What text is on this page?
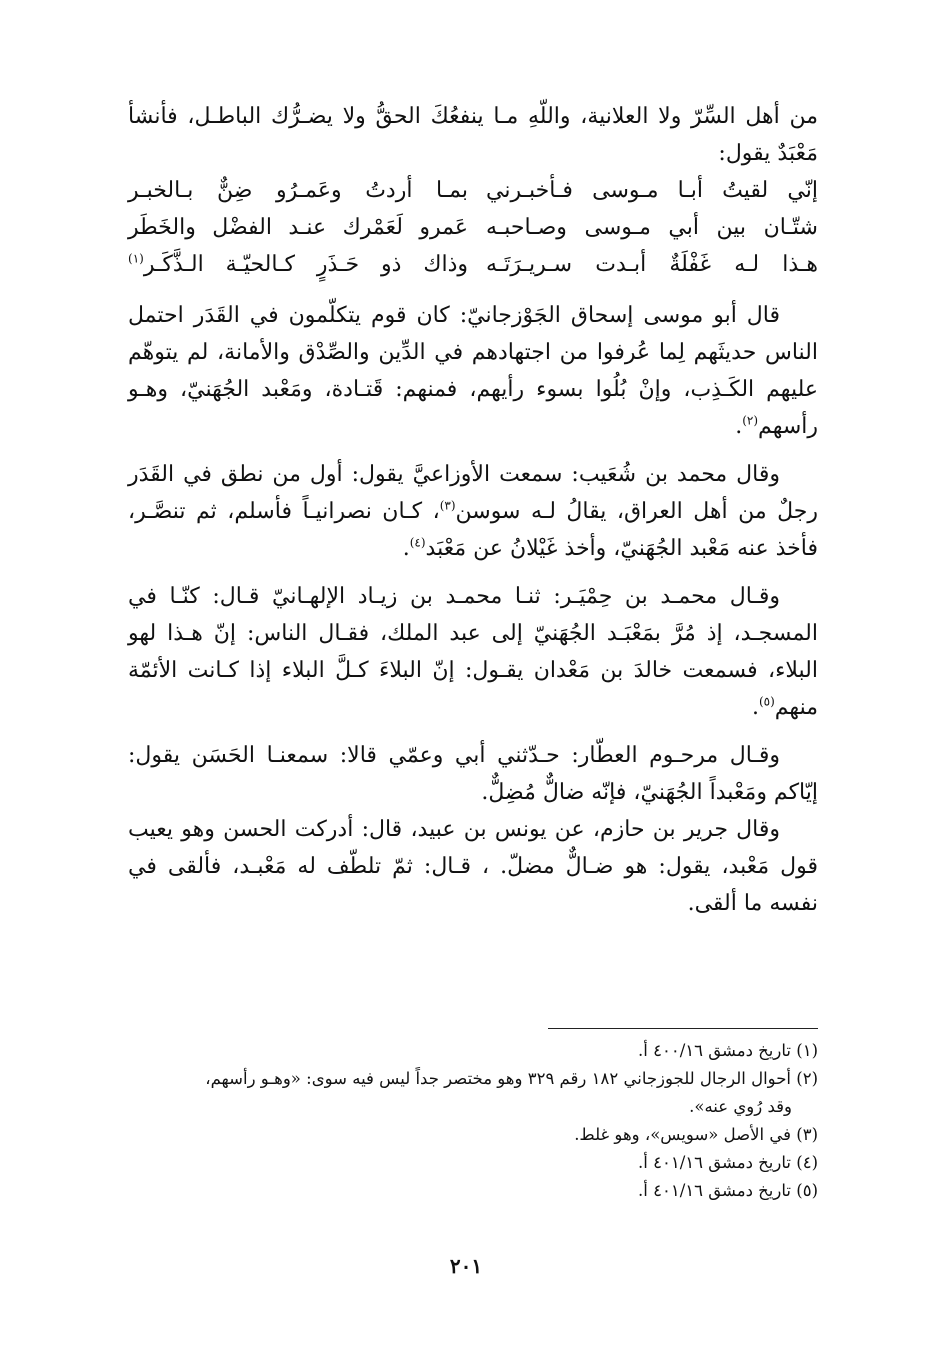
من أهل السِّرّ ولا العلانية، واللّهِ مـا ينفعُكَ الحقُّ ولا يضـرُّك الباطـل، فأنشأ مَعْبَدٌ يقول:

إنّي لقيتُ أبـا مـوسى فـأخبـرني
بمـا أردتُ وعَمـرُو ضِنٌّ بـالخبـر
شتّـان بين أبي مـوسى وصـاحبـه
عَمرو لَعَمْرك عنـد الفضْل والخَطَر
هـذا لـه غَفْلَةٌ أبـدت سـريـرَتَـه
وذاك ذو حَـذَرٍ كـالحيّـة الـذَّكَـر$^{(١)}$

قال أبو موسى إسحاق الجَوْزجانيّ: كان قوم يتكلّمون في القَدَر احتمل الناس حديثَهم لِما عُرفوا من اجتهادهم في الدِّين والصِّدْق والأمانة، لم يتوهّم عليهم الكَـذِب، وإنْ بُلُوا بسوء رأيهم، فمنهم: قَتـادة، ومَعْبد الجُهَنيّ، وهـو رأسهم$^{(٢)}$.

وقال محمد بن شُعَيب: سمعت الأوزاعيَّ يقول: أول من نطق في القَدَر رجلٌ من أهل العراق، يقالُ لـه سوسن$^{(٣)}$، كـان نصرانيـاً فأسلم، ثم تنصَّـر، فأخذ عنه مَعْبد الجُهَنيّ، وأخذ غَيْلانُ عن مَعْبَد$^{(٤)}$.

وقـال محمـد بن حِمْيَـر: ثنـا محمـد بن زيـاد الإلهـانيّ قـال: كنّـا في المسجـد، إذ مُرَّ بمَعْبَـد الجُهَنيّ إلى عبد الملك، فقـال الناس: إنّ هـذا لهو البلاء، فسمعت خالدَ بن مَعْدان يقـول: إنّ البلاءَ كـلَّ البلاء إذا كـانت الأئمّة منهم$^{(٥)}$.

وقـال مرحـوم العطّار: حـدّثني أبي وعمّي قالا: سمعنـا الحَسَن يقول: إيّاكم ومَعْبداً الجُهَنيّ، فإنّه ضالٌّ مُضِلٌّ.

وقال جرير بن حازم، عن يونس بن عبيد، قال: أدركت الحسن وهو يعيب قول مَعْبد، يقول: هو ضـالٌّ مضلّ. ، قـال: ثمّ تلطّف له مَعْبـد، فألقى في نفسه ما ألقى.

(١) تاريخ دمشق ٤٠٠/١٦ أ.

(٢) أحوال الرجال للجوزجاني ١٨٢ رقم ٣٢٩ وهو مختصر جداً ليس فيه سوى: «وهـو رأسهم،

وقد رُوي عنه».

(٣) في الأصل «سويس»، وهو غلط.

(٤) تاريخ دمشق ٤٠١/١٦ أ.

(٥) تاريخ دمشق ٤٠١/١٦ أ.

٢٠١
